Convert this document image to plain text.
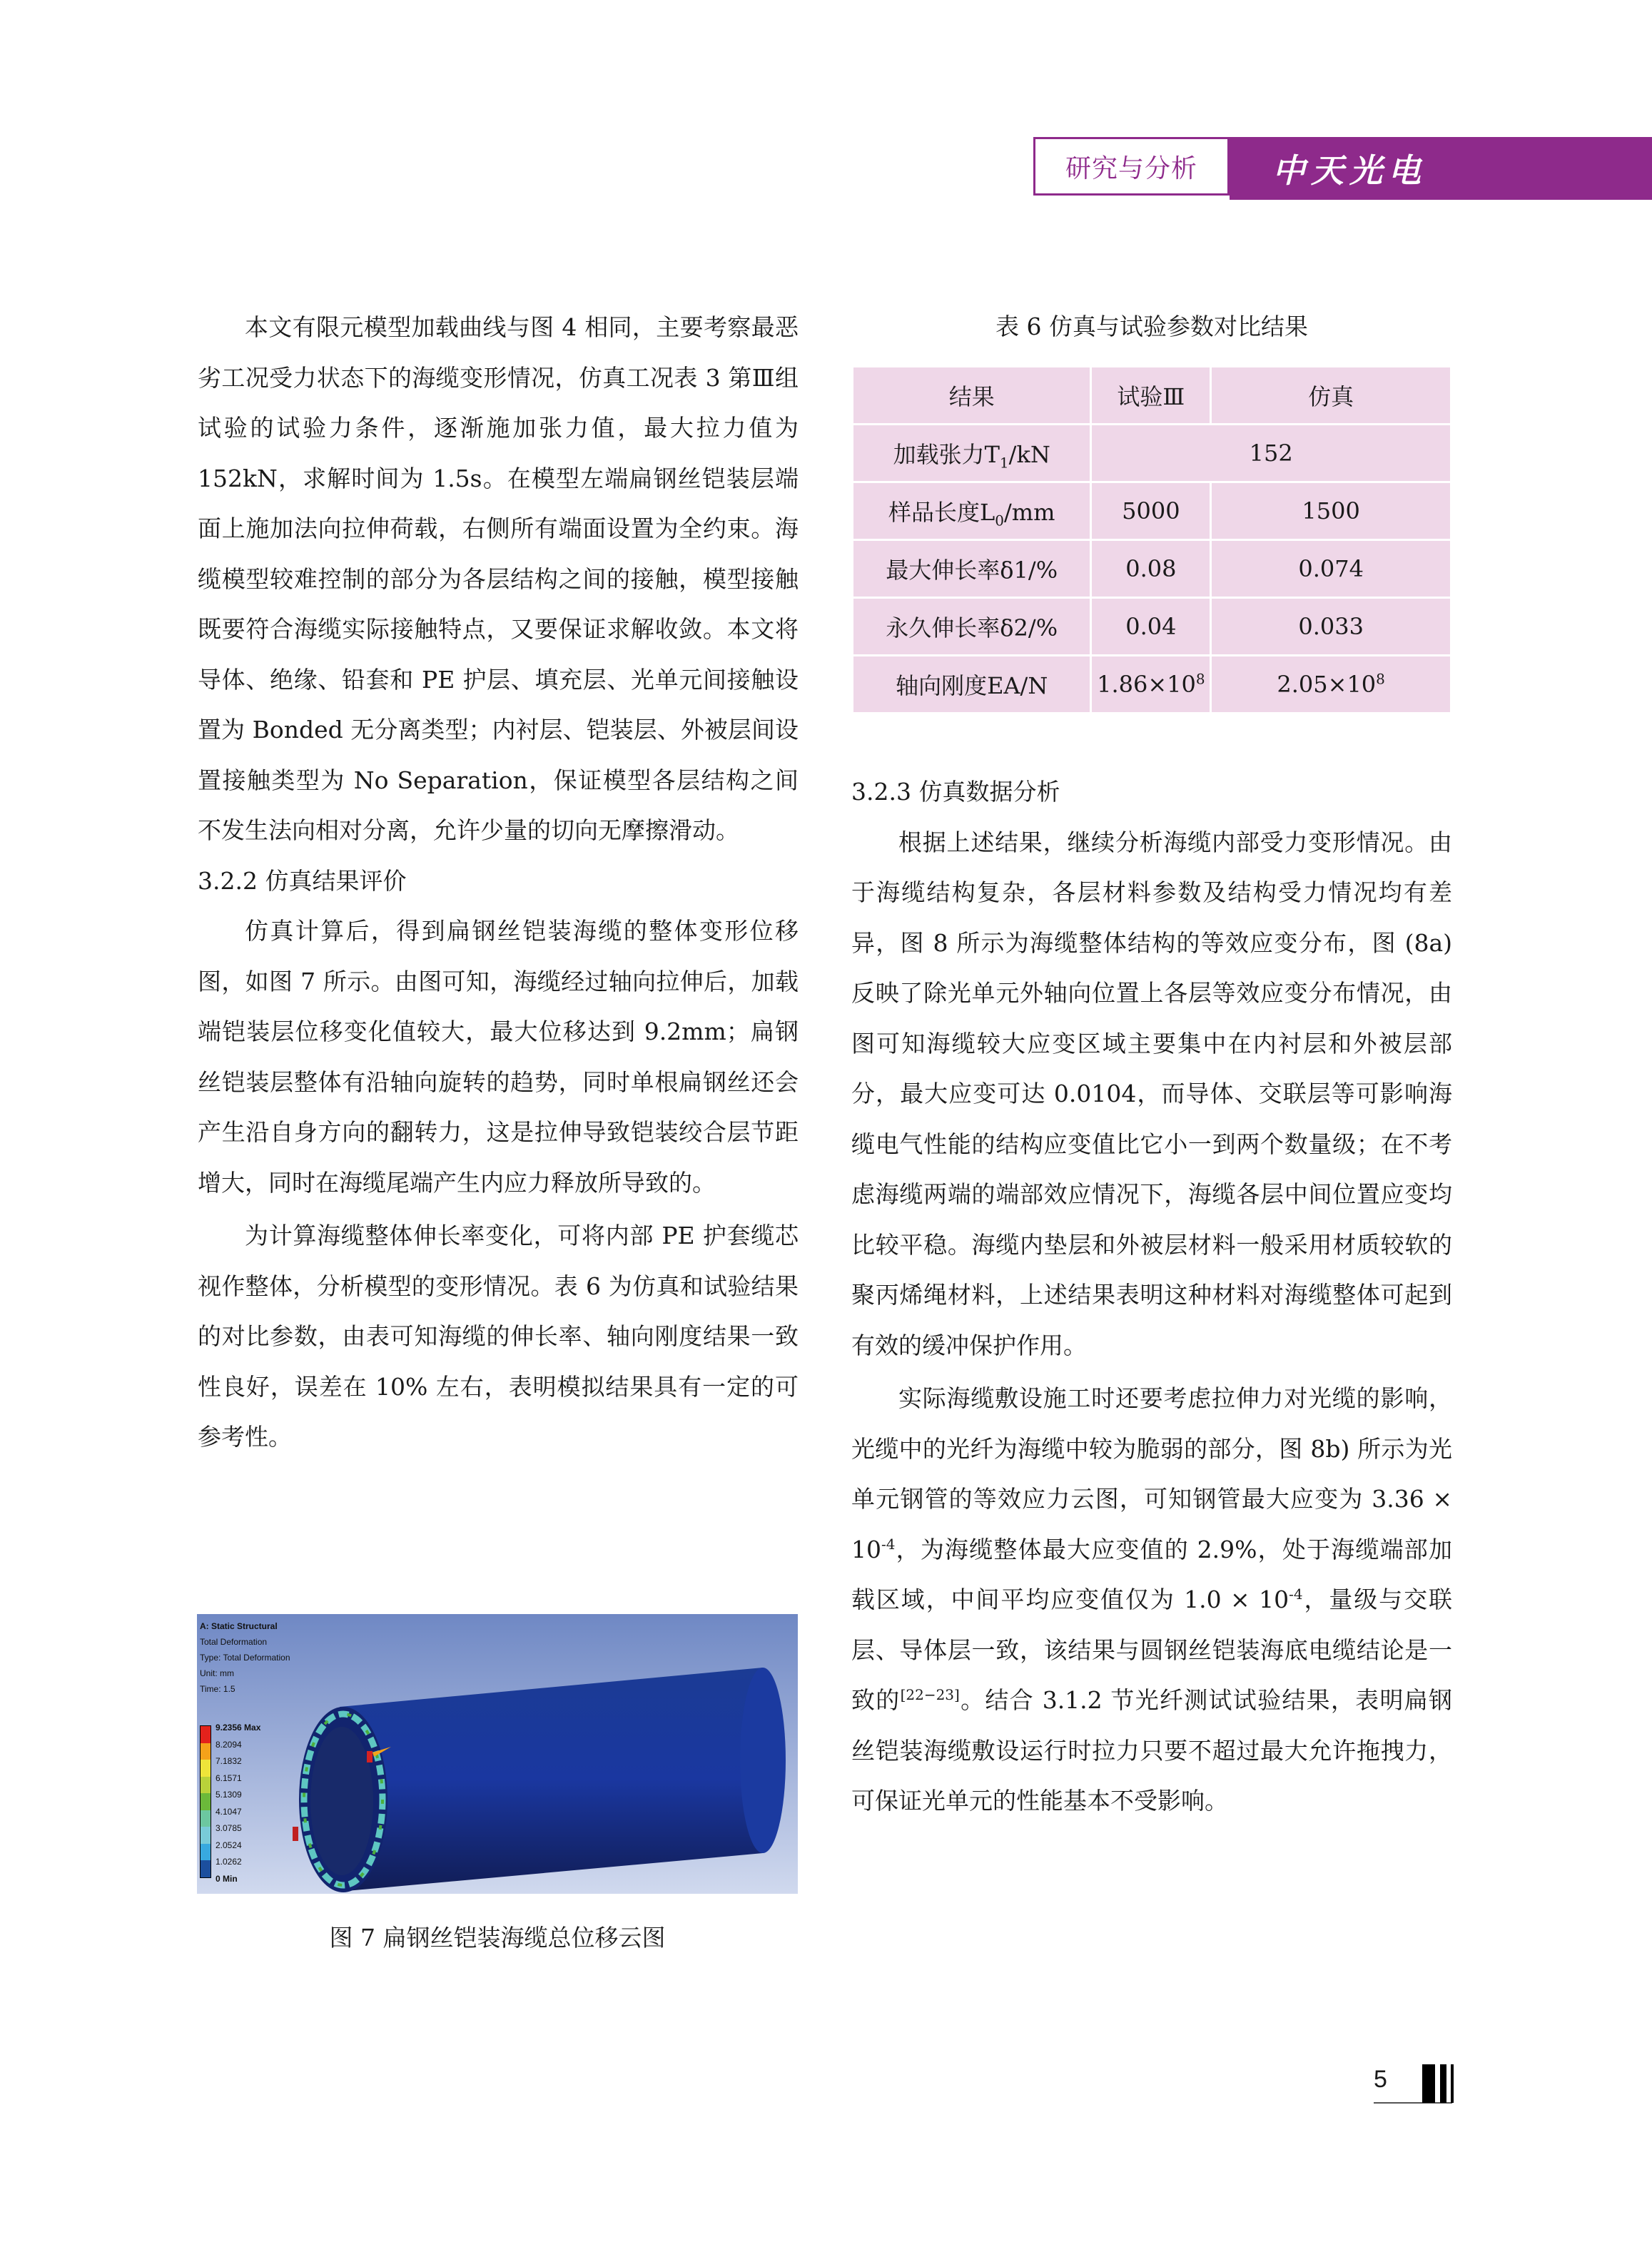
研究与分析	中天光电

本文有限元模型加载曲线与图 4 相同，主要考察最恶劣工况受力状态下的海缆变形情况，仿真工况表 3 第Ⅲ组试验的试验力条件，逐渐施加张力值，最大拉力值为 152kN，求解时间为 1.5s。在模型左端扁钢丝铠装层端面上施加法向拉伸荷载，右侧所有端面设置为全约束。海缆模型较难控制的部分为各层结构之间的接触，模型接触既要符合海缆实际接触特点，又要保证求解收敛。本文将导体、绝缘、铅套和 PE 护层、填充层、光单元间接触设置为 Bonded 无分离类型；内衬层、铠装层、外被层间设置接触类型为 No Separation，保证模型各层结构之间不发生法向相对分离，允许少量的切向无摩擦滑动。

3.2.2 仿真结果评价

仿真计算后，得到扁钢丝铠装海缆的整体变形位移图，如图 7 所示。由图可知，海缆经过轴向拉伸后，加载端铠装层位移变化值较大，最大位移达到 9.2mm；扁钢丝铠装层整体有沿轴向旋转的趋势，同时单根扁钢丝还会产生沿自身方向的翻转力，这是拉伸导致铠装绞合层节距增大，同时在海缆尾端产生内应力释放所导致的。

为计算海缆整体伸长率变化，可将内部 PE 护套缆芯视作整体，分析模型的变形情况。表 6 为仿真和试验结果的对比参数，由表可知海缆的伸长率、轴向刚度结果一致性良好，误差在 10% 左右，表明模拟结果具有一定的可参考性。

A: Static Structural
Total Deformation
Type: Total Deformation
Unit: mm
Time: 1.5
9.2356 Max
8.2094
7.1832
6.1571
5.1309
4.1047
3.0785
2.0524
1.0262
0 Min
图 7 扁钢丝铠装海缆总位移云图
表 6 仿真与试验参数对比结果
结果	试验Ⅲ	仿真
加载张力$T_1/kN$	152	
样品长度$L_0/mm$	5000	1500
最大伸长率δ1/%	0.08	0.074
永久伸长率δ2/%	0.04	0.033
轴向刚度EA/N	$1.86\times 10^8$	$2.05\times 10^8$

3.2.3 仿真数据分析

根据上述结果，继续分析海缆内部受力变形情况。由于海缆结构复杂，各层材料参数及结构受力情况均有差异，图 8 所示为海缆整体结构的等效应变分布，图 (8a) 反映了除光单元外轴向位置上各层等效应变分布情况，由图可知海缆较大应变区域主要集中在内衬层和外被层部分，最大应变可达 0.0104，而导体、交联层等可影响海缆电气性能的结构应变值比它小一到两个数量级；在不考虑海缆两端的端部效应情况下，海缆各层中间位置应变均比较平稳。海缆内垫层和外被层材料一般采用材质较软的聚丙烯绳材料，上述结果表明这种材料对海缆整体可起到有效的缓冲保护作用。

实际海缆敷设施工时还要考虑拉伸力对光缆的影响，光缆中的光纤为海缆中较为脆弱的部分，图 8b) 所示为光单元钢管的等效应力云图，可知钢管最大应变为 $3.36 \times 10^{-4}$，为海缆整体最大应变值的 2.9%，处于海缆端部加载区域，中间平均应变值仅为 $1.0 \times 10^{-4}$，量级与交联层、导体层一致，该结果与圆钢丝铠装海底电缆结论是一致的[22−23]。结合 3.1.2 节光纤测试试验结果，表明扁钢丝铠装海缆敷设运行时拉力只要不超过最大允许拖拽力，可保证光单元的性能基本不受影响。

5
